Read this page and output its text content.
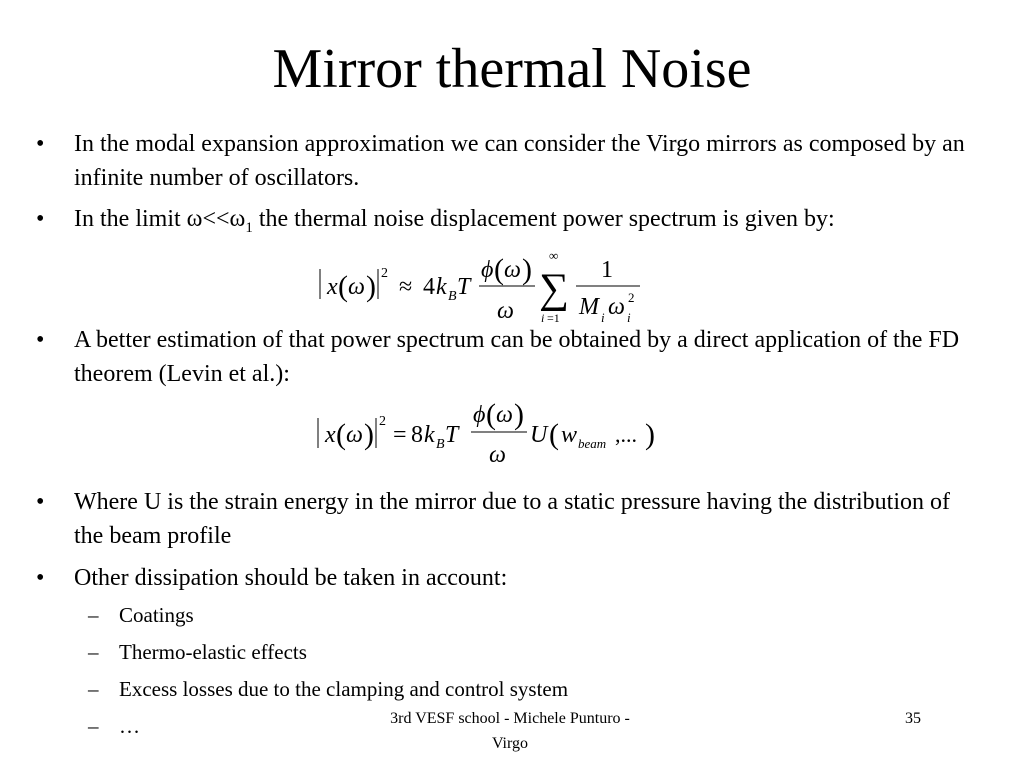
Mirror thermal Noise
• In the modal expansion approximation we can consider the Virgo mirrors as composed by an infinite number of oscillators.
• In the limit $\omega<<\omega_1$ the thermal noise displacement power spectrum is given by:
x ( ω ) 2
≈ 4 k B T
ϕ ( ω )
ω
∞
∑
i =1
1
M i ω i
2
• A better estimation of that power spectrum can be obtained by a direct application of the FD theorem (Levin et al.):
x ( ω ) 2
= 8 k B T
ϕ ( ω )
ω
U ( w beam ,... )
• Where U is the strain energy in the mirror due to a static pressure having the distribution of the beam profile
• Other dissipation should be taken in account:
– Coatings
– Thermo-elastic effects
– Excess losses due to the clamping and control system
– …	3rd VESF school - Michele Punturo -
Virgo
35
